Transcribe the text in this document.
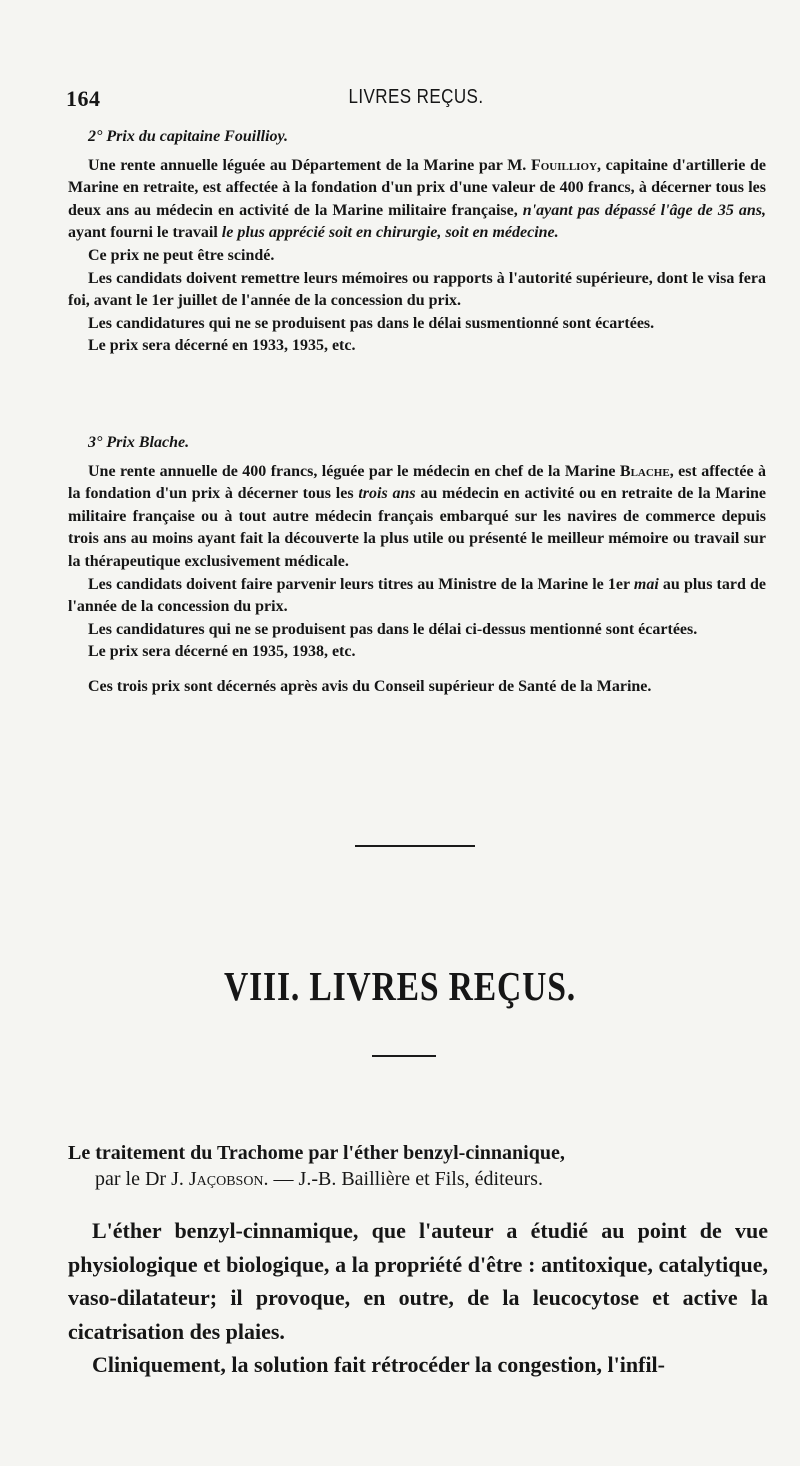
164	LIVRES REÇUS.

2° Prix du capitaine Fouillioy.

Une rente annuelle léguée au Département de la Marine par M. Fouillioy, capitaine d'artillerie de Marine en retraite, est affectée à la fondation d'un prix d'une valeur de 400 francs, à décerner tous les deux ans au médecin en activité de la Marine militaire française, n'ayant pas dépassé l'âge de 35 ans, ayant fourni le travail le plus apprécié soit en chirurgie, soit en médecine.

Ce prix ne peut être scindé.

Les candidats doivent remettre leurs mémoires ou rapports à l'autorité supérieure, dont le visa fera foi, avant le 1er juillet de l'année de la concession du prix.

Les candidatures qui ne se produisent pas dans le délai susmentionné sont écartées.

Le prix sera décerné en 1933, 1935, etc.

3° Prix Blache.

Une rente annuelle de 400 francs, léguée par le médecin en chef de la Marine Blache, est affectée à la fondation d'un prix à décerner tous les trois ans au médecin en activité ou en retraite de la Marine militaire française ou à tout autre médecin français embarqué sur les navires de commerce depuis trois ans au moins ayant fait la découverte la plus utile ou présenté le meilleur mémoire ou travail sur la thérapeutique exclusivement médicale.

Les candidats doivent faire parvenir leurs titres au Ministre de la Marine le 1er mai au plus tard de l'année de la concession du prix.

Les candidatures qui ne se produisent pas dans le délai ci-dessus mentionné sont écartées.

Le prix sera décerné en 1935, 1938, etc.

Ces trois prix sont décernés après avis du Conseil supérieur de Santé de la Marine.

VIII. LIVRES REÇUS.

Le traitement du Trachome par l'éther benzyl-cinnanique,

par le Dr J. Jaçobson. — J.-B. Baillière et Fils, éditeurs.

L'éther benzyl-cinnamique, que l'auteur a étudié au point de vue physiologique et biologique, a la propriété d'être : antitoxique, catalytique, vaso-dilatateur; il provoque, en outre, de la leucocytose et active la cicatrisation des plaies.

Cliniquement, la solution fait rétrocéder la congestion, l'infil-
